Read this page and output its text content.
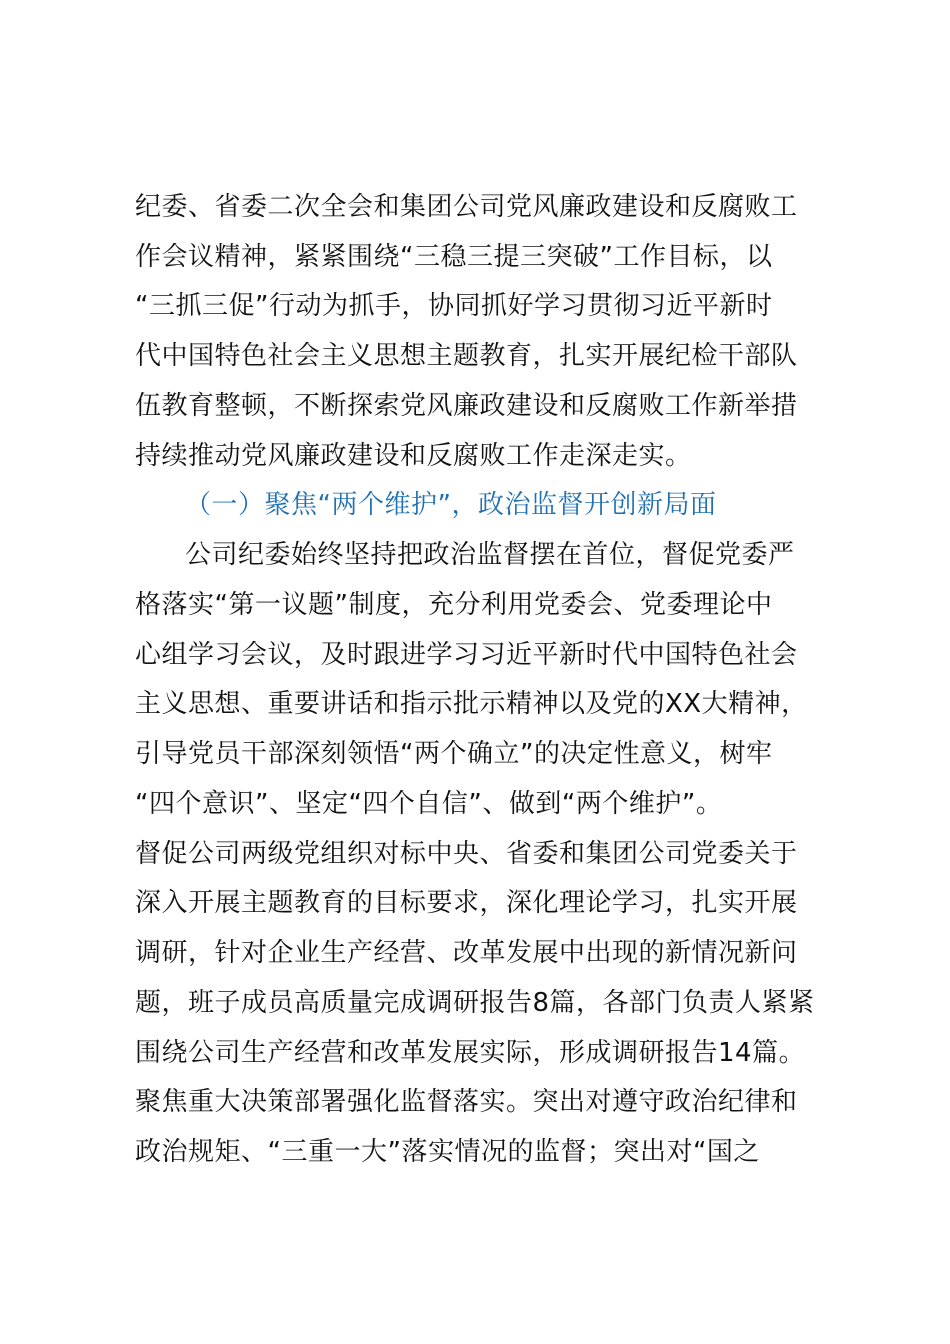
纪委、省委二次全会和集团公司党风廉政建设和反腐败工
作会议精神，紧紧围绕“三稳三提三突破”工作目标，以
“三抓三促”行动为抓手，协同抓好学习贯彻习近平新时
代中国特色社会主义思想主题教育，扎实开展纪检干部队
伍教育整顿，不断探索党风廉政建设和反腐败工作新举措
持续推动党风廉政建设和反腐败工作走深走实。
（一）聚焦“两个维护”，政治监督开创新局面
公司纪委始终坚持把政治监督摆在首位，督促党委严
格落实“第一议题”制度，充分利用党委会、党委理论中
心组学习会议，及时跟进学习习近平新时代中国特色社会
主义思想、重要讲话和指示批示精神以及党的XX大精神，
引导党员干部深刻领悟“两个确立”的决定性意义，树牢
“四个意识”、坚定“四个自信”、做到“两个维护”。
督促公司两级党组织对标中央、省委和集团公司党委关于
深入开展主题教育的目标要求，深化理论学习，扎实开展
调研，针对企业生产经营、改革发展中出现的新情况新问
题，班子成员高质量完成调研报告8篇，各部门负责人紧紧
围绕公司生产经营和改革发展实际，形成调研报告14篇。
聚焦重大决策部署强化监督落实。突出对遵守政治纪律和
政治规矩、“三重一大”落实情况的监督；突出对“国之
